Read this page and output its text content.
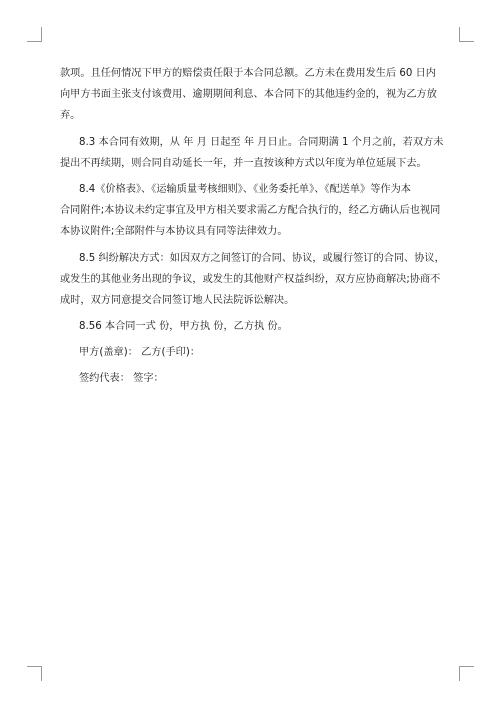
款项。且任何情况下甲方的赔偿责任限于本合同总额。乙方未在费用发生后 60 日内
向甲方书面主张支付该费用、逾期期间利息、本合同下的其他违约金的，视为乙方放
弃。
8.3 本合同有效期，从 年 月 日起至 年 月日止。合同期满 1 个月之前，若双方未
提出不再续期，则合同自动延长一年，并一直按该种方式以年度为单位延展下去。
8.4《价格表》、《运输质量考核细则》、《业务委托单》、《配送单》等作为本
合同附件;本协议未约定事宜及甲方相关要求需乙方配合执行的，经乙方确认后也视同
本协议附件;全部附件与本协议具有同等法律效力。
8.5 纠纷解决方式：如因双方之间签订的合同、协议，或履行签订的合同、协议，
或发生的其他业务出现的争议，或发生的其他财产权益纠纷，双方应协商解决;协商不
成时，双方同意提交合同签订地人民法院诉讼解决。
8.56 本合同一式 份，甲方执 份，乙方执 份。
甲方(盖章)： 乙方(手印)：
签约代表： 签字：
